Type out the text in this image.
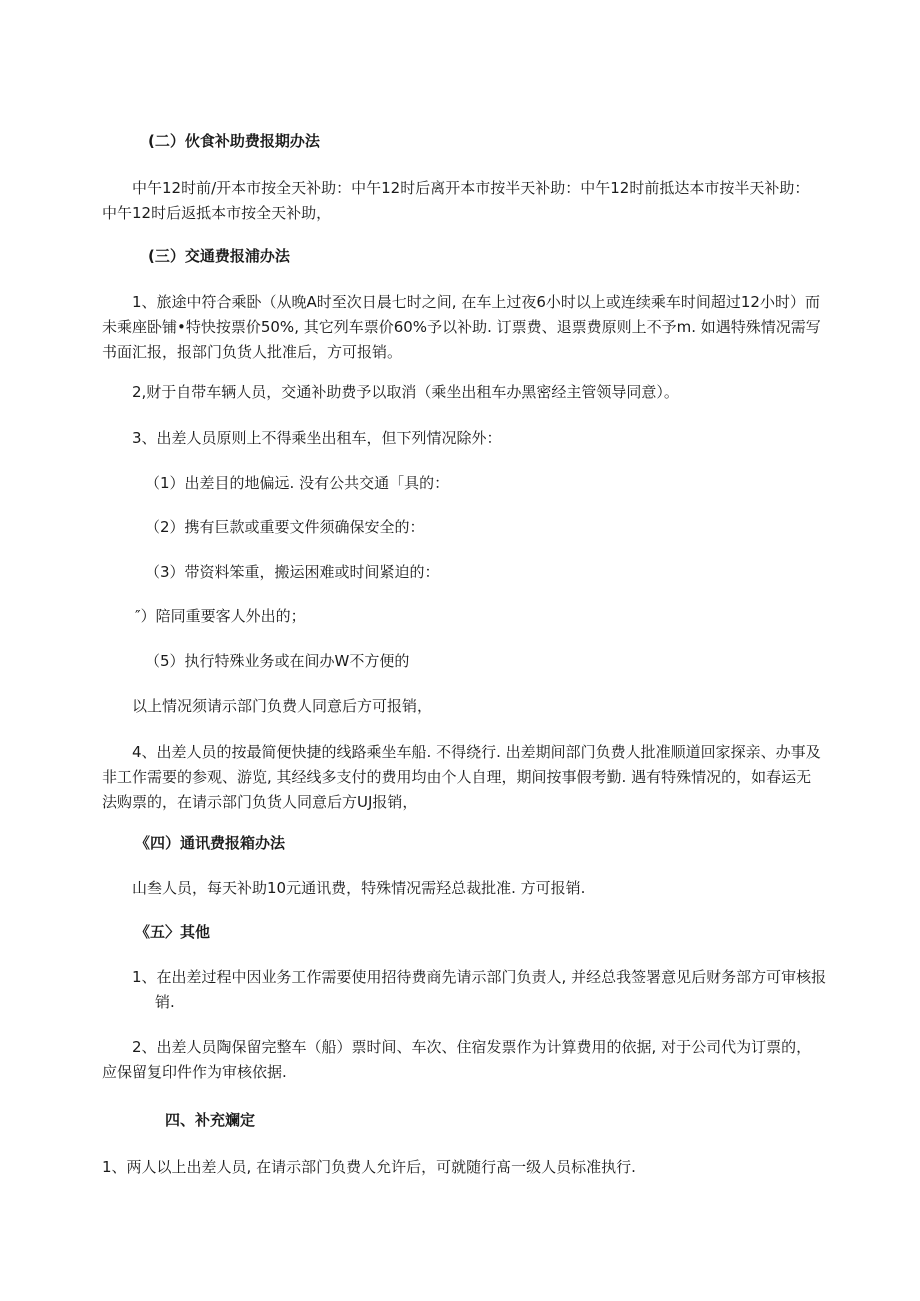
(二）伙食补助费报期办法

中午12时前/开本市按全天补助：中午12时后离开本市按半天补助：中午12时前抵达本市按半天补助：中午12时后返抵本市按全天补助，

(三）交通费报浦办法

1、旅途中符合乘卧（从晚A时至次日晨七时之间, 在车上过夜6小时以上或连续乘车时间超过12小时）而未乘座卧铺•特快按票价50%, 其它列车票价60%予以补助. 订票费、退票费原则上不予m. 如遇特殊情况需写书面汇报，报部门负货人批准后，方可报销。

2,财于自带车辆人员，交通补助费予以取消（乘坐出租车办黑密经主管领导同意）。

3、出差人员原则上不得乘坐出租车，但下列情况除外：

（1）出差目的地偏远. 没有公共交通「具的：

（2）携有巨款或重要文件须确保安全的：

（3）带资料笨重，搬运困难或时间紧迫的：

″）陪同重要客人外出的；

（5）执行特殊业务或在间办W不方便的

以上情况须请示部门负费人同意后方可报销，

4、出差人员的按最简便快捷的线路乘坐车船. 不得绕行. 出差期间部门负费人批准顺道回家探亲、办事及非工作需要的参观、游览, 其经线多支付的费用均由个人自理，期间按事假考勤. 遇有特殊情况的，如春运无法购票的，在请示部门负货人同意后方UJ报销，

《四）通讯费报箱办法

山叁人员，每天补助10元通讯费，特殊情况需羟总裁批准. 方可报销.

《五〉其他

1、在出差过程中因业务工作需要使用招待费商先请示部门负责人, 并经总我签署意见后财务部方可审核报销.

2、出差人员陶保留完整车（船）票时间、车次、住宿发票作为计算费用的依据, 对于公司代为订票的，应保留复印件作为审核依据.

四、补充斓定

1、两人以上出差人员, 在请示部门负费人允许后，可就随行髙一级人员标准执行.
